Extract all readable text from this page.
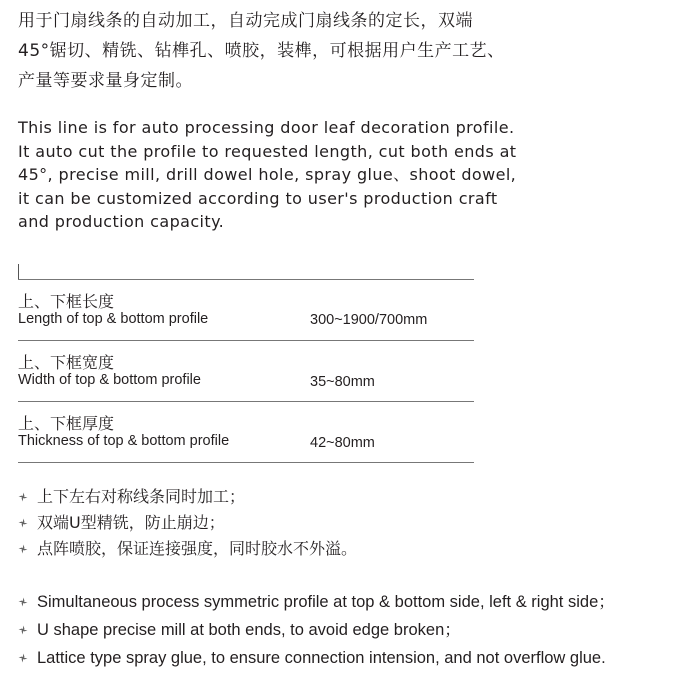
用于门扇线条的自动加工，自动完成门扇线条的定长，双端
45°锯切、精铣、钻榫孔、喷胶，装榫，可根据用户生产工艺、
产量等要求量身定制。
This line is for auto processing door leaf decoration profile.
It auto cut the profile to requested length, cut both ends at
45°, precise mill, drill dowel hole, spray glue、shoot dowel,
it can be customized according to user's production craft
and production capacity.
上、下框长度
Length of top & bottom profile	300~1900/700mm
上、下框宽度
Width of top & bottom profile	35~80mm
上、下框厚度
Thickness of top & bottom profile	42~80mm
上下左右对称线条同时加工；
双端U型精铣，防止崩边；
点阵喷胶，保证连接强度，同时胶水不外溢。
Simultaneous process symmetric profile at top & bottom side, left & right side；
U shape precise mill at both ends, to avoid edge broken；
Lattice type spray glue, to ensure connection intension, and not overflow glue.
